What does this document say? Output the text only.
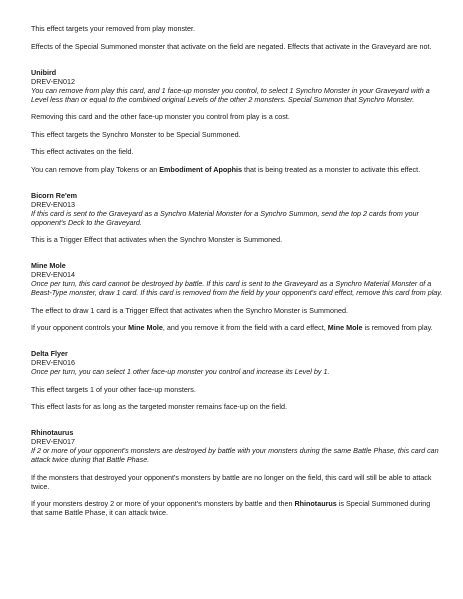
This effect targets your removed from play monster.

Effects of the Special Summoned monster that activate on the field are negated. Effects that activate in the Graveyard are not.

Unibird
DREV-EN012

You can remove from play this card, and 1 face-up monster you control, to select 1 Synchro Monster in your Graveyard with a Level less than or equal to the combined original Levels of the other 2 monsters. Special Summon that Synchro Monster.

Removing this card and the other face-up monster you control from play is a cost.

This effect targets the Synchro Monster to be Special Summoned.

This effect activates on the field.

You can remove from play Tokens or an Embodiment of Apophis that is being treated as a monster to activate this effect.

Bicorn Re'em
DREV-EN013

If this card is sent to the Graveyard as a Synchro Material Monster for a Synchro Summon, send the top 2 cards from your opponent's Deck to the Graveyard.

This is a Trigger Effect that activates when the Synchro Monster is Summoned.

Mine Mole
DREV-EN014

Once per turn, this card cannot be destroyed by battle. If this card is sent to the Graveyard as a Synchro Material Monster of a Beast-Type monster, draw 1 card. If this card is removed from the field by your opponent's card effect, remove this card from play.

The effect to draw 1 card is a Trigger Effect that activates when the Synchro Monster is Summoned.

If your opponent controls your Mine Mole, and you remove it from the field with a card effect, Mine Mole is removed from play.

Delta Flyer
DREV-EN016

Once per turn, you can select 1 other face-up monster you control and increase its Level by 1.

This effect targets 1 of your other face-up monsters.

This effect lasts for as long as the targeted monster remains face-up on the field.

Rhinotaurus
DREV-EN017

If 2 or more of your opponent's monsters are destroyed by battle with your monsters during the same Battle Phase, this card can attack twice during that Battle Phase.

If the monsters that destroyed your opponent's monsters by battle are no longer on the field, this card will still be able to attack twice.

If your monsters destroy 2 or more of your opponent's monsters by battle and then Rhinotaurus is Special Summoned during that same Battle Phase, it can attack twice.
